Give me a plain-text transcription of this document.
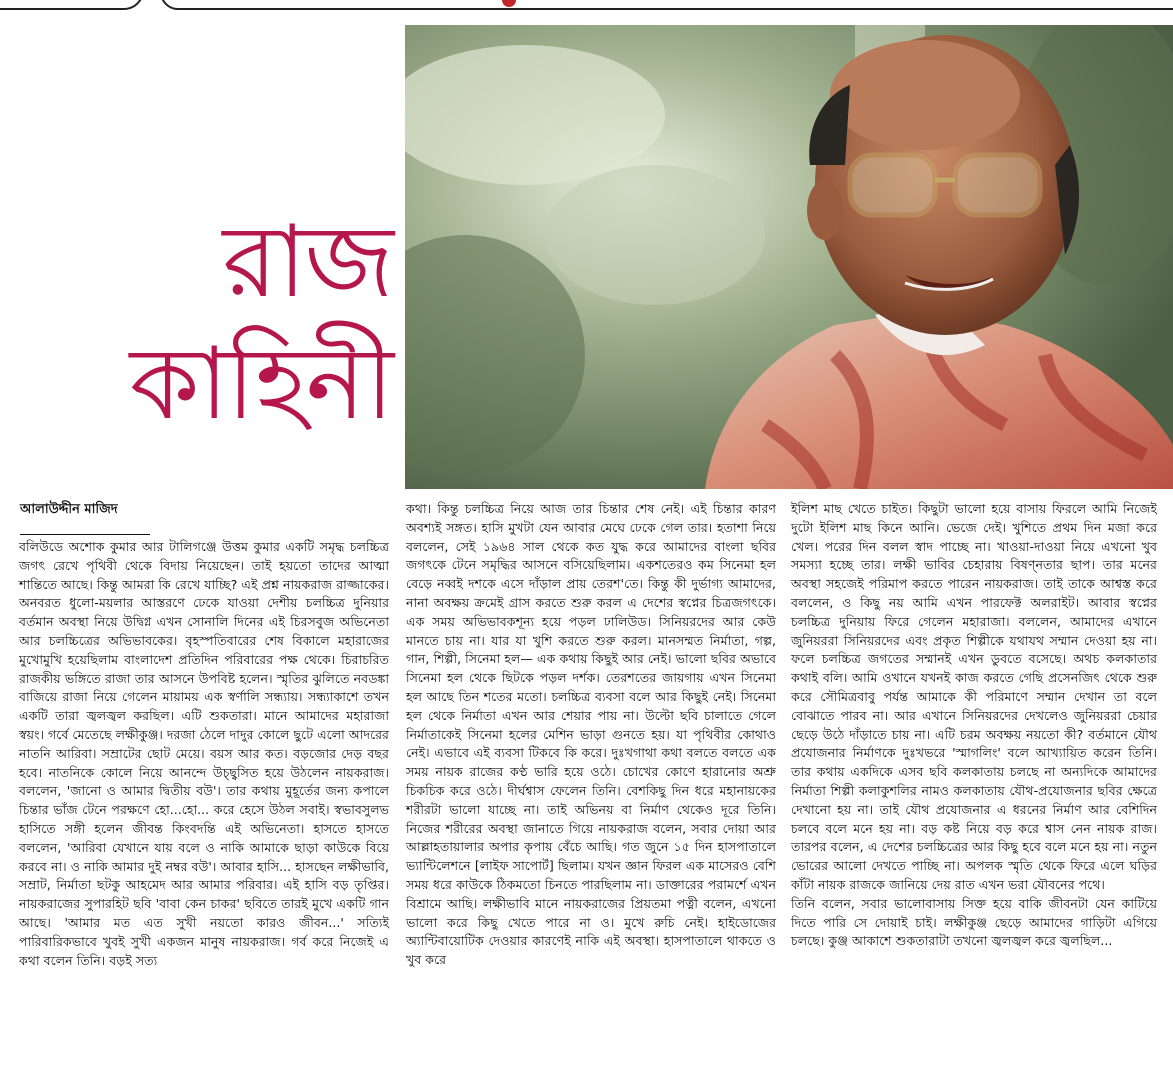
রাজ
কাহিনী
আলাউদ্দীন মাজিদ

বলিউডে অশোক কুমার আর টালিগঞ্জে উত্তম কুমার একটি সমৃদ্ধ চলচ্চিত্র জগৎ রেখে পৃথিবী থেকে বিদায় নিয়েছেন। তাই হয়তো তাদের আত্মা শান্তিতে আছে। কিন্তু আমরা কি রেখে যাচ্ছি? এই প্রশ্ন নায়করাজ রাজ্জাকের। অনবরত ধুলো-ময়লার আস্তরণে ঢেকে যাওয়া দেশীয় চলচ্চিত্র দুনিয়ার বর্তমান অবস্থা নিয়ে উদ্বিগ্ন এখন সোনালি দিনের এই চিরসবুজ অভিনেতা আর চলচ্চিত্রের অভিভাবকের। বৃহস্পতিবারের শেষ বিকালে মহারাজের মুখোমুখি হয়েছিলাম বাংলাদেশ প্রতিদিন পরিবারের পক্ষ থেকে। চিরাচরিত রাজকীয় ভঙ্গিতে রাজা তার আসনে উপবিষ্ট হলেন। স্মৃতির ঝুলিতে নবডঙ্কা বাজিয়ে রাজা নিয়ে গেলেন মায়াময় এক স্বর্ণালি সন্ধ্যায়। সন্ধ্যাকাশে তখন একটি তারা জ্বলজ্বল করছিল। এটি শুকতারা। মানে আমাদের মহারাজা স্বয়ং। গর্বে মেতেছে লক্ষীকুঞ্জ। দরজা ঠেলে দাদুর কোলে ছুটে এলো আদরের নাতনি আরিবা। সম্রাটের ছোট মেয়ে। বয়স আর কত। বড়জোর দেড় বছর হবে। নাতনিকে কোলে নিয়ে আনন্দে উচ্ছ্বসিত হয়ে উঠলেন নায়করাজ। বললেন, 'জানো ও আমার দ্বিতীয় বউ'। তার কথায় মুহূর্তের জন্য কপালে চিন্তার ভাঁজ টেনে পরক্ষণে হো...হো... করে হেসে উঠল সবাই। স্বভাবসুলভ হাসিতে সঙ্গী হলেন জীবন্ত কিংবদন্তি এই অভিনেতা। হাসতে হাসতে বললেন, 'আরিবা যেখানে যায় বলে ও নাকি আমাকে ছাড়া কাউকে বিয়ে করবে না। ও নাকি আমার দুই নম্বর বউ'। আবার হাসি... হাসছেন লক্ষীভাবি, সম্রাট, নির্মাতা ছটকু আহমেদ আর আমার পরিবার। এই হাসি বড় তৃপ্তির। নায়করাজের সুপারহিট ছবি 'বাবা কেন চাকর' ছবিতে তারই মুখে একটি গান আছে। 'আমার মত এত সুখী নয়তো কারও জীবন...' সত্যিই পারিবারিকভাবে খুবই সুখী একজন মানুষ নায়করাজ। গর্ব করে নিজেই এ কথা বলেন তিনি। বড়ই সত্য

কথা। কিন্তু চলচ্চিত্র নিয়ে আজ তার চিন্তার শেষ নেই। এই চিন্তার কারণ অবশ্যই সঙ্গত। হাসি মুখটা যেন আবার মেঘে ঢেকে গেল তার। হতাশা নিয়ে বললেন, সেই ১৯৬৪ সাল থেকে কত যুদ্ধ করে আমাদের বাংলা ছবির জগৎকে টেনে সমৃদ্ধির আসনে বসিয়েছিলাম। একশতেরও কম সিনেমা হল বেড়ে নব্বই দশকে এসে দাঁড়াল প্রায় তেরশ'তে। কিন্তু কী দুর্ভাগ্য আমাদের, নানা অবক্ষয় ক্রমেই গ্রাস করতে শুরু করল এ দেশের স্বপ্নের চিত্রজগৎকে। এক সময় অভিভাবকশূন্য হয়ে পড়ল ঢালিউড। সিনিয়রদের আর কেউ মানতে চায় না। যার যা খুশি করতে শুরু করল। মানসম্মত নির্মাতা, গল্প, গান, শিল্পী, সিনেমা হল— এক কথায় কিছুই আর নেই। ভালো ছবির অভাবে সিনেমা হল থেকে ছিটকে পড়ল দর্শক। তেরশতের জায়গায় এখন সিনেমা হল আছে তিন শতের মতো। চলচ্চিত্র ব্যবসা বলে আর কিছুই নেই। সিনেমা হল থেকে নির্মাতা এখন আর শেয়ার পায় না। উল্টো ছবি চালাতে গেলে নির্মাতাকেই সিনেমা হলের মেশিন ভাড়া গুনতে হয়। যা পৃথিবীর কোথাও নেই। এভাবে এই ব্যবসা টিকবে কি করে। দুঃখগাথা কথা বলতে বলতে এক সময় নায়ক রাজের কণ্ঠ ভারি হয়ে ওঠে। চোখের কোণে হারানোর অশ্রু চিকচিক করে ওঠে। দীর্ঘশ্বাস ফেলেন তিনি। বেশকিছু দিন ধরে মহানায়কের শরীরটা ভালো যাচ্ছে না। তাই অভিনয় বা নির্মাণ থেকেও দূরে তিনি। নিজের শরীরের অবস্থা জানাতে গিয়ে নায়করাজ বলেন, সবার দোয়া আর আল্লাহতায়ালার অপার কৃপায় বেঁচে আছি। গত জুনে ১৫ দিন হাসপাতালে ভ্যান্টিলেশনে [লাইফ সাপোর্ট] ছিলাম। যখন জ্ঞান ফিরল এক মাসেরও বেশি সময় ধরে কাউকে ঠিকমতো চিনতে পারছিলাম না। ডাক্তারের পরামর্শে এখন বিশ্রামে আছি। লক্ষীভাবি মানে নায়করাজের প্রিয়তমা পত্নী বলেন, এখনো ভালো করে কিছু খেতে পারে না ও। মুখে রুচি নেই। হাইডোজের অ্যান্টিবায়োটিক দেওয়ার কারণেই নাকি এই অবস্থা। হাসপাতালে থাকতে ও খুব করে

ইলিশ মাছ খেতে চাইত। কিছুটা ভালো হয়ে বাসায় ফিরলে আমি নিজেই দুটো ইলিশ মাছ কিনে আনি। ভেজে দেই। খুশিতে প্রথম দিন মজা করে খেল। পরের দিন বলল স্বাদ পাচ্ছে না। খাওয়া-দাওয়া নিয়ে এখনো খুব সমস্যা হচ্ছে তার। লক্ষী ভাবির চেহারায় বিষণ্নতার ছাপ। তার মনের অবস্থা সহজেই পরিমাপ করতে পারেন নায়করাজ। তাই তাকে আশ্বস্ত করে বললেন, ও কিছু নয় আমি এখন পারফেক্ট অলরাইট। আবার স্বপ্নের চলচ্চিত্র দুনিয়ায় ফিরে গেলেন মহারাজা। বললেন, আমাদের এখানে জুনিয়ররা সিনিয়রদের এবং প্রকৃত শিল্পীকে যথাযথ সম্মান দেওয়া হয় না। ফলে চলচ্চিত্র জগতের সম্মানই এখন ডুবতে বসেছে। অথচ কলকাতার কথাই বলি। আমি ওখানে যখনই কাজ করতে গেছি প্রসেনজিৎ থেকে শুরু করে সৌমিত্রবাবু পর্যন্ত আমাকে কী পরিমাণে সম্মান দেখান তা বলে বোঝাতে পারব না। আর এখানে সিনিয়রদের দেখলেও জুনিয়ররা চেয়ার ছেড়ে উঠে দাঁড়াতে চায় না। এটি চরম অবক্ষয় নয়তো কী? বর্তমানে যৌথ প্রযোজনার নির্মাণকে দুঃখভরে 'স্মাগলিং' বলে আখ্যায়িত করেন তিনি। তার কথায় একদিকে এসব ছবি কলকাতায় চলছে না অন্যদিকে আমাদের নির্মাতা শিল্পী কলাকুশলির নামও কলকাতায় যৌথ-প্রযোজনার ছবির ক্ষেত্রে দেখানো হয় না। তাই যৌথ প্রযোজনার এ ধরনের নির্মাণ আর বেশিদিন চলবে বলে মনে হয় না। বড় কষ্ট নিয়ে বড় করে শ্বাস নেন নায়ক রাজ। তারপর বলেন, এ দেশের চলচ্চিত্রের আর কিছু হবে বলে মনে হয় না। নতুন ভোরের আলো দেখতে পাচ্ছি না। অপলক স্মৃতি থেকে ফিরে এলে ঘড়ির কাঁটা নায়ক রাজকে জানিয়ে দেয় রাত এখন ভরা যৌবনের পথে।

তিনি বলেন, সবার ভালোবাসায় সিক্ত হয়ে বাকি জীবনটা যেন কাটিয়ে দিতে পারি সে দোয়াই চাই। লক্ষীকুঞ্জ ছেড়ে আমাদের গাড়িটা এগিয়ে চলছে। কুঞ্জ আকাশে শুকতারাটা তখনো জ্বলজ্বল করে জ্বলছিল...
